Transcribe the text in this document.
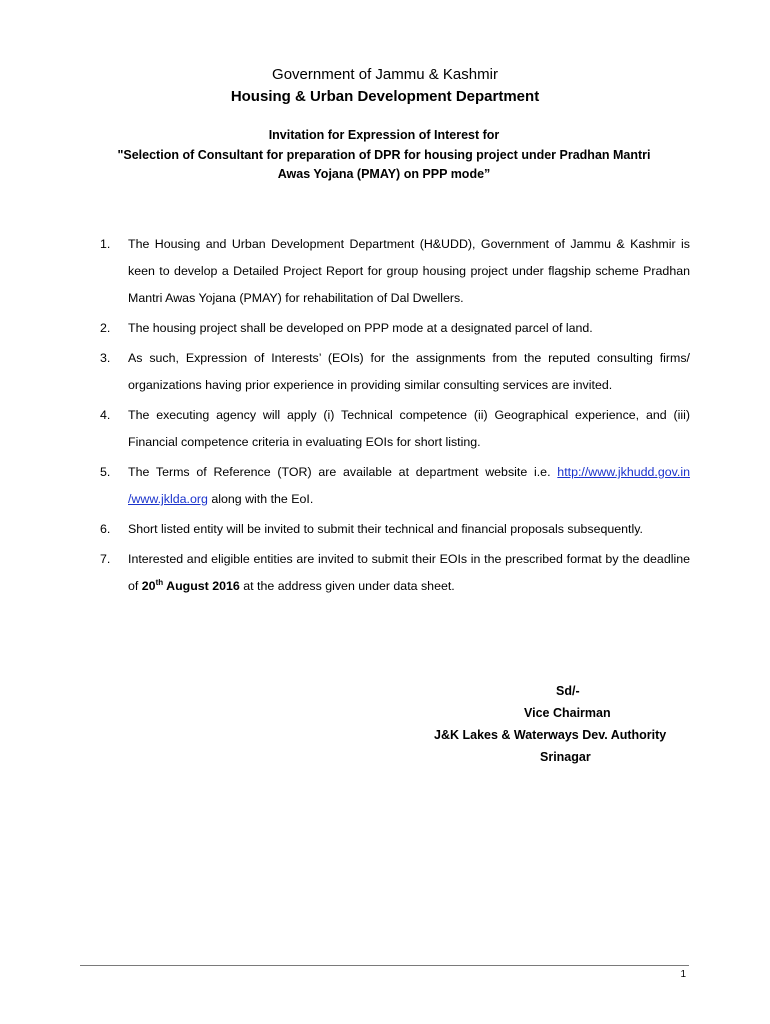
Government of Jammu & Kashmir
Housing & Urban Development Department
Invitation for Expression of Interest for
"Selection of Consultant for preparation of DPR for housing project under Pradhan Mantri
Awas Yojana (PMAY) on PPP mode”
1. The Housing and Urban Development Department (H&UDD), Government of Jammu & Kashmir is keen to develop a Detailed Project Report for group housing project under flagship scheme Pradhan Mantri Awas Yojana (PMAY) for rehabilitation of Dal Dwellers.
2. The housing project shall be developed on PPP mode at a designated parcel of land.
3. As such, Expression of Interests’ (EOIs) for the assignments from the reputed consulting firms/ organizations having prior experience in providing similar consulting services are invited.
4. The executing agency will apply (i) Technical competence (ii) Geographical experience, and (iii) Financial competence criteria in evaluating EOIs for short listing.
5. The Terms of Reference (TOR) are available at department website i.e. http://www.jkhudd.gov.in /www.jklda.org along with the EoI.
6. Short listed entity will be invited to submit their technical and financial proposals subsequently.
7. Interested and eligible entities are invited to submit their EOIs in the prescribed format by the deadline of 20th August 2016 at the address given under data sheet.
Sd/-
Vice Chairman
J&K Lakes & Waterways Dev. Authority
Srinagar
1
